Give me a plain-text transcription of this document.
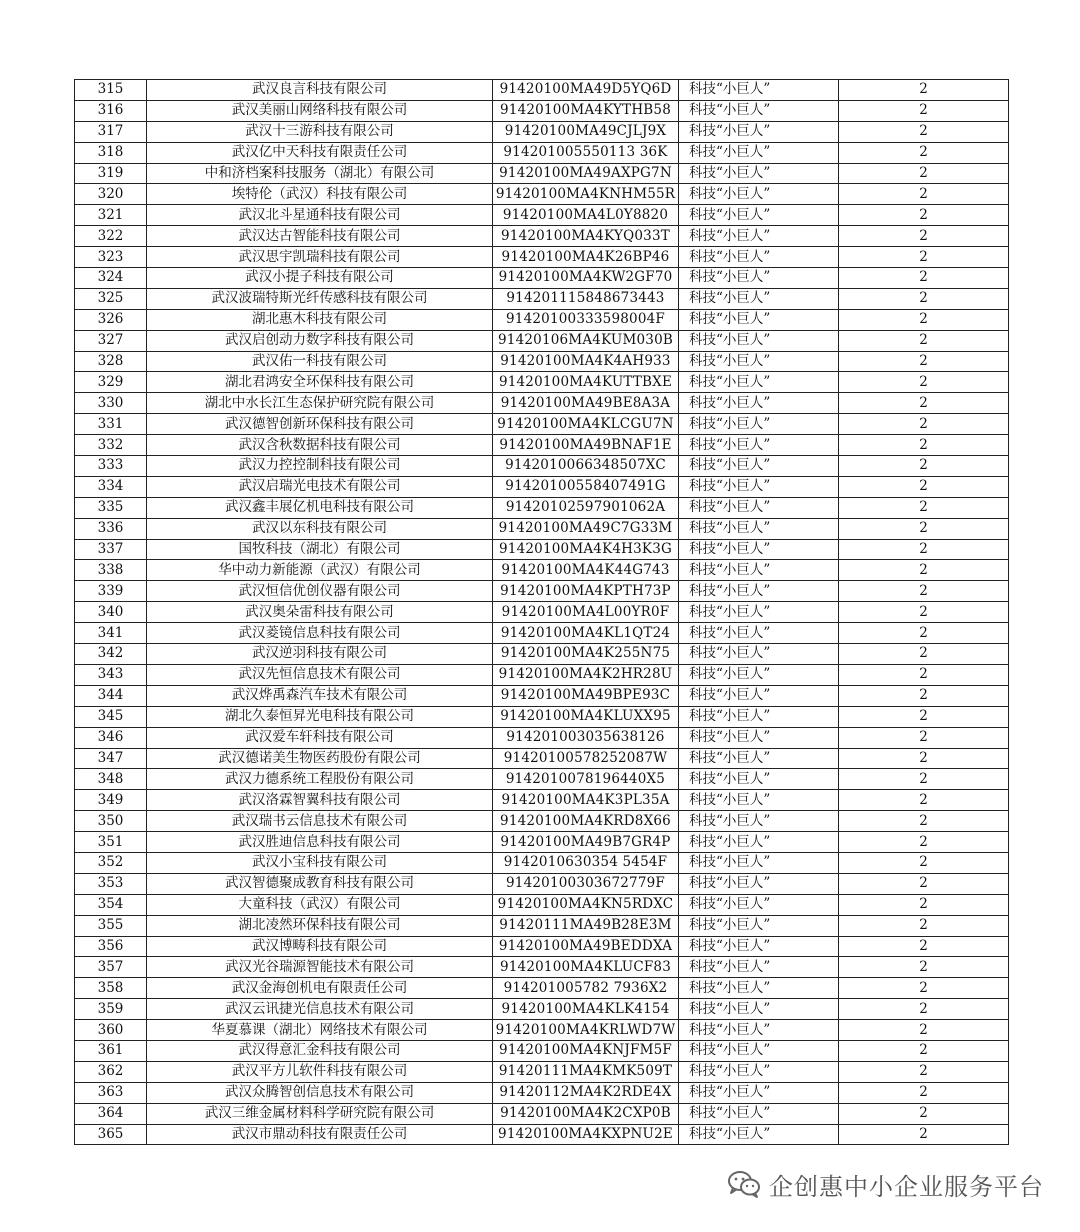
315	武汉良言科技有限公司	91420100MA49D5YQ6D	科技“小巨人”	2
316	武汉美丽山网络科技有限公司	91420100MA4KYTHB58	科技“小巨人”	2
317	武汉十三游科技有限公司	91420100MA49CJLJ9X	科技“小巨人”	2
318	武汉亿中天科技有限责任公司	914201005550113 36K	科技“小巨人”	2
319	中和济档案科技服务（湖北）有限公司	91420100MA49AXPG7N	科技“小巨人”	2
320	埃特伦（武汉）科技有限公司	91420100MA4KNHM55R	科技“小巨人”	2
321	武汉北斗星通科技有限公司	91420100MA4L0Y8820	科技“小巨人”	2
322	武汉达古智能科技有限公司	91420100MA4KYQ033T	科技“小巨人”	2
323	武汉思宇凯瑞科技有限公司	91420100MA4K26BP46	科技“小巨人”	2
324	武汉小提子科技有限公司	91420100MA4KW2GF70	科技“小巨人”	2
325	武汉波瑞特斯光纤传感科技有限公司	914201115848673443	科技“小巨人”	2
326	湖北惠木科技有限公司	91420100333598004F	科技“小巨人”	2
327	武汉启创动力数字科技有限公司	91420106MA4KUM030B	科技“小巨人”	2
328	武汉佑一科技有限公司	91420100MA4K4AH933	科技“小巨人”	2
329	湖北君鸿安全环保科技有限公司	91420100MA4KUTTBXE	科技“小巨人”	2
330	湖北中水长江生态保护研究院有限公司	91420100MA49BE8A3A	科技“小巨人”	2
331	武汉德智创新环保科技有限公司	91420100MA4KLCGU7N	科技“小巨人”	2
332	武汉含秋数据科技有限公司	91420100MA49BNAF1E	科技“小巨人”	2
333	武汉力控控制科技有限公司	9142010066348507XC	科技“小巨人”	2
334	武汉启瑞光电技术有限公司	91420100558407491G	科技“小巨人”	2
335	武汉鑫丰展亿机电科技有限公司	91420102597901062A	科技“小巨人”	2
336	武汉以东科技有限公司	91420100MA49C7G33M	科技“小巨人”	2
337	国牧科技（湖北）有限公司	91420100MA4K4H3K3G	科技“小巨人”	2
338	华中动力新能源（武汉）有限公司	91420100MA4K44G743	科技“小巨人”	2
339	武汉恒信优创仪器有限公司	91420100MA4KPTH73P	科技“小巨人”	2
340	武汉奥朵雷科技有限公司	91420100MA4L00YR0F	科技“小巨人”	2
341	武汉菱镜信息科技有限公司	91420100MA4KL1QT24	科技“小巨人”	2
342	武汉逆羽科技有限公司	91420100MA4K255N75	科技“小巨人”	2
343	武汉先恒信息技术有限公司	91420100MA4K2HR28U	科技“小巨人”	2
344	武汉烨禹森汽车技术有限公司	91420100MA49BPE93C	科技“小巨人”	2
345	湖北久泰恒昇光电科技有限公司	91420100MA4KLUXX95	科技“小巨人”	2
346	武汉爱车轩科技有限公司	914201003035638126	科技“小巨人”	2
347	武汉德诺美生物医药股份有限公司	91420100578252087W	科技“小巨人”	2
348	武汉力德系统工程股份有限公司	9142010078196440X5	科技“小巨人”	2
349	武汉洛霖智翼科技有限公司	91420100MA4K3PL35A	科技“小巨人”	2
350	武汉瑞书云信息技术有限公司	91420100MA4KRD8X66	科技“小巨人”	2
351	武汉胜迪信息科技有限公司	91420100MA49B7GR4P	科技“小巨人”	2
352	武汉小宝科技有限公司	9142010630354 5454F	科技“小巨人”	2
353	武汉智德聚成教育科技有限公司	91420100303672779F	科技“小巨人”	2
354	大童科技（武汉）有限公司	91420100MA4KN5RDXC	科技“小巨人”	2
355	湖北凌然环保科技有限公司	91420111MA49B28E3M	科技“小巨人”	2
356	武汉博畴科技有限公司	91420100MA49BEDDXA	科技“小巨人”	2
357	武汉光谷瑞源智能技术有限公司	91420100MA4KLUCF83	科技“小巨人”	2
358	武汉金海创机电有限责任公司	914201005782 7936X2	科技“小巨人”	2
359	武汉云讯捷光信息技术有限公司	91420100MA4KLK4154	科技“小巨人”	2
360	华夏慕课（湖北）网络技术有限公司	91420100MA4KRLWD7W	科技“小巨人”	2
361	武汉得意汇金科技有限公司	91420100MA4KNJFM5F	科技“小巨人”	2
362	武汉平方儿软件科技有限公司	91420111MA4KMK509T	科技“小巨人”	2
363	武汉众腾智创信息技术有限公司	91420112MA4K2RDE4X	科技“小巨人”	2
364	武汉三维金属材料科学研究院有限公司	91420100MA4K2CXP0B	科技“小巨人”	2
365	武汉市鼎动科技有限责任公司	91420100MA4KXPNU2E	科技“小巨人”	2
企创惠中小企业服务平台
